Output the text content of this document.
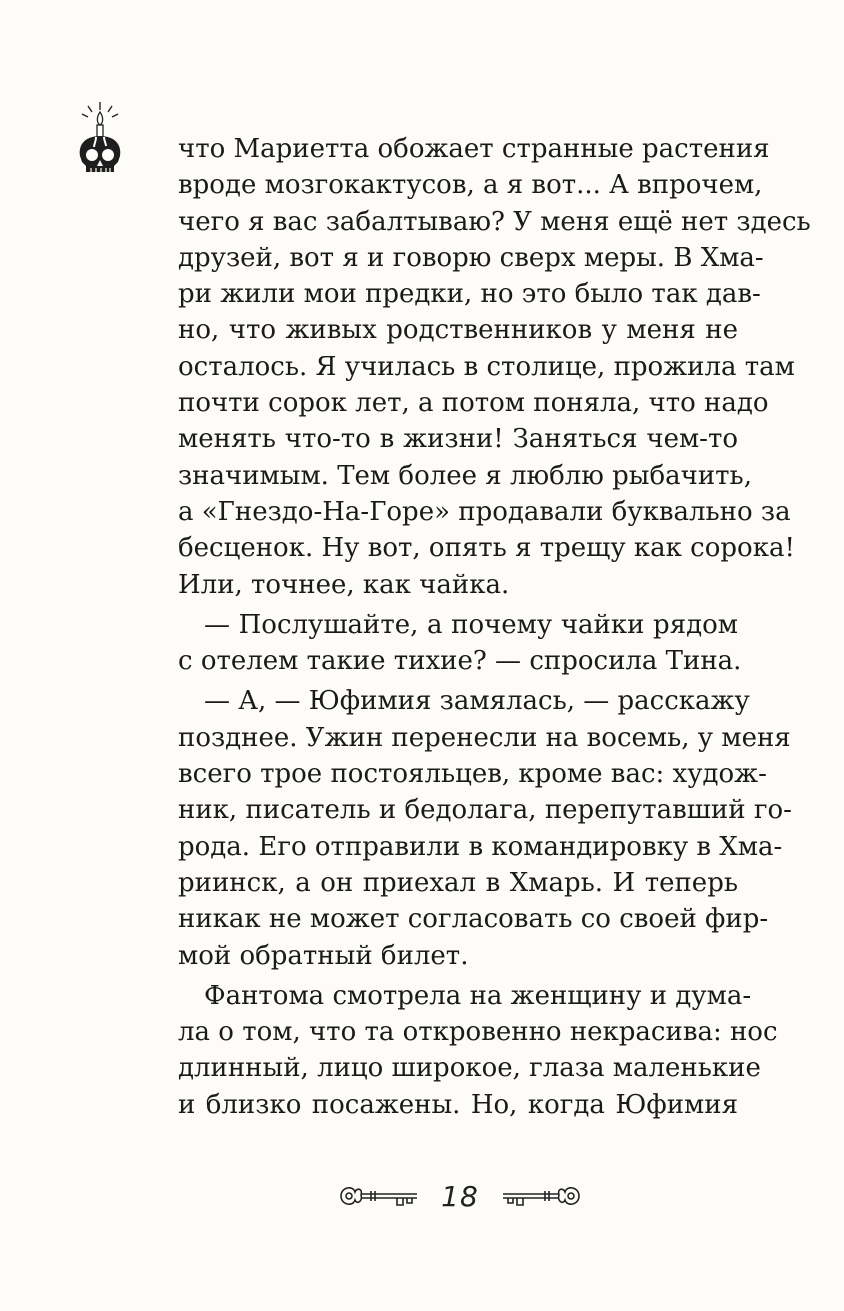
что Мариетта обожает странные растения
вроде мозгокактусов, а я вот... А впрочем,
чего я вас забалтываю? У меня ещё нет здесь
друзей, вот я и говорю сверх меры. В Хма-
ри жили мои предки, но это было так дав-
но, что живых родственников у меня не
осталось. Я училась в столице, прожила там
почти сорок лет, а потом поняла, что надо
менять что-то в жизни! Заняться чем-то
значимым. Тем более я люблю рыбачить,
а «Гнездо-На-Горе» продавали буквально за
бесценок. Ну вот, опять я трещу как сорока!
Или, точнее, как чайка.
— Послушайте, а почему чайки рядом
с отелем такие тихие? — спросила Тина.
— А, — Юфимия замялась, — расскажу
позднее. Ужин перенесли на восемь, у меня
всего трое постояльцев, кроме вас: худож-
ник, писатель и бедолага, перепутавший го-
рода. Его отправили в командировку в Хма-
риинск, а он приехал в Хмарь. И теперь
никак не может согласовать со своей фир-
мой обратный билет.
Фантома смотрела на женщину и дума-
ла о том, что та откровенно некрасива: нос
длинный, лицо широкое, глаза маленькие
и близко посажены. Но, когда Юфимия
18
